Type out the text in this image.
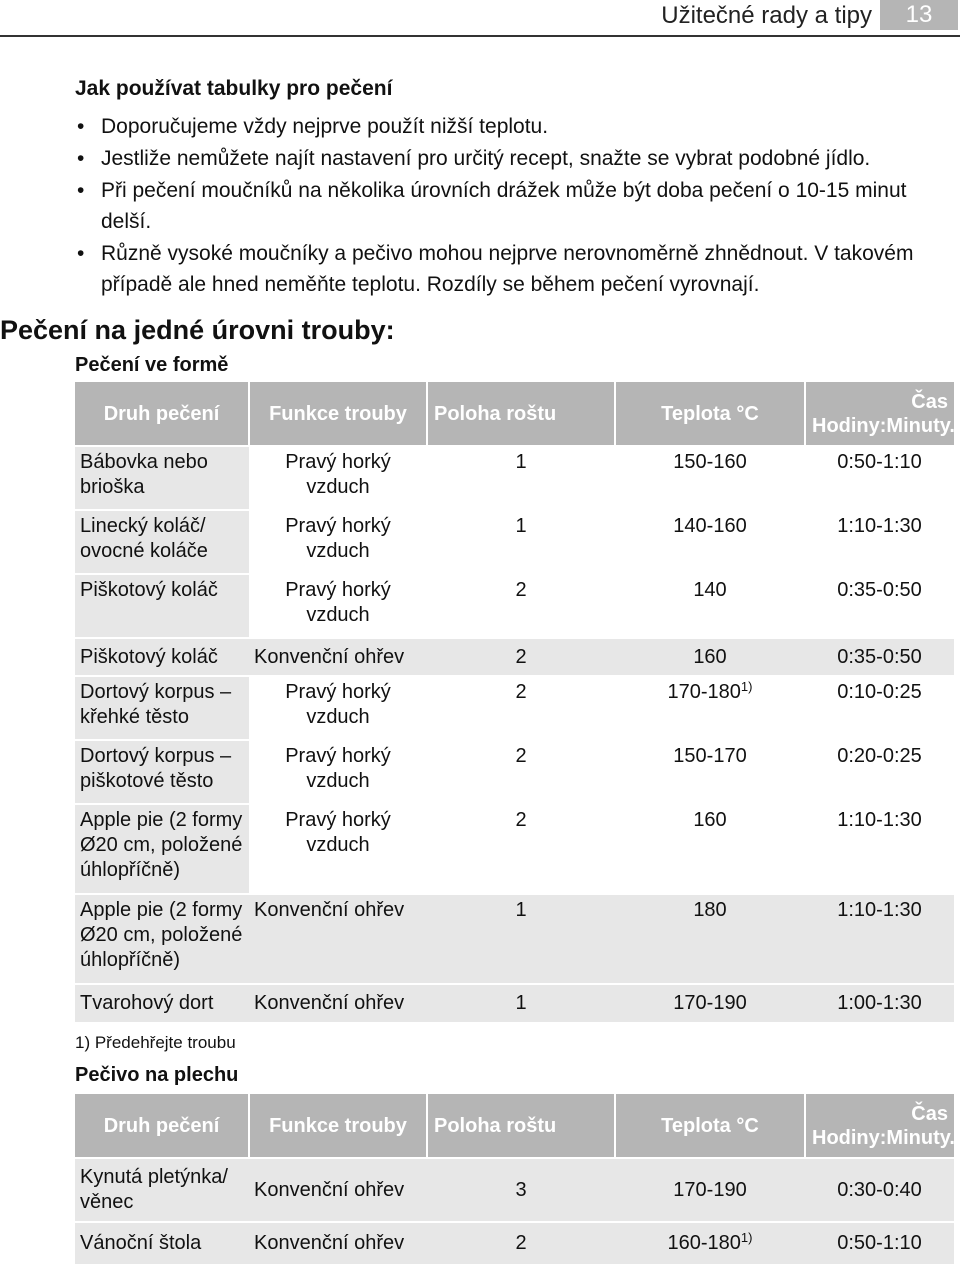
Užitečné rady a tipy	13
Jak používat tabulky pro pečení
• Doporučujeme vždy nejprve použít nižší teplotu.
• Jestliže nemůžete najít nastavení pro určitý recept, snažte se vybrat podobné jídlo.
• Při pečení moučníků na několika úrovních drážek může být doba pečení o 10-15 minut delší.
• Různě vysoké moučníky a pečivo mohou nejprve nerovnoměrně zhnědnout. V takovém případě ale hned neměňte teplotu. Rozdíly se během pečení vyrovnají.
Pečení na jedné úrovni trouby:
Pečení ve formě
Druh pečení	Funkce trouby	Poloha roštu	Teplota °C	Čas Hodiny:Minuty.
Bábovka nebo brioška	Pravý horký vzduch	1	150-160	0:50-1:10
Linecký koláč/ ovocné koláče	Pravý horký vzduch	1	140-160	1:10-1:30
Piškotový koláč	Pravý horký vzduch	2	140	0:35-0:50
Piškotový koláč	Konvenční ohřev	2	160	0:35-0:50
Dortový korpus – křehké těsto	Pravý horký vzduch	2	170-180$^{1)}$	0:10-0:25
Dortový korpus – piškotové těsto	Pravý horký vzduch	2	150-170	0:20-0:25
Apple pie (2 formy Ø20 cm, položené úhlopříčně)	Pravý horký vzduch	2	160	1:10-1:30
Apple pie (2 formy Ø20 cm, položené úhlopříčně)	Konvenční ohřev	1	180	1:10-1:30
Tvarohový dort	Konvenční ohřev	1	170-190	1:00-1:30
1) Předehřejte troubu
Pečivo na plechu
Druh pečení	Funkce trouby	Poloha roštu	Teplota °C	Čas Hodiny:Minuty.
Kynutá pletýnka/ věnec	Konvenční ohřev	3	170-190	0:30-0:40
Vánoční štola	Konvenční ohřev	2	160-180$^{1)}$	0:50-1:10
